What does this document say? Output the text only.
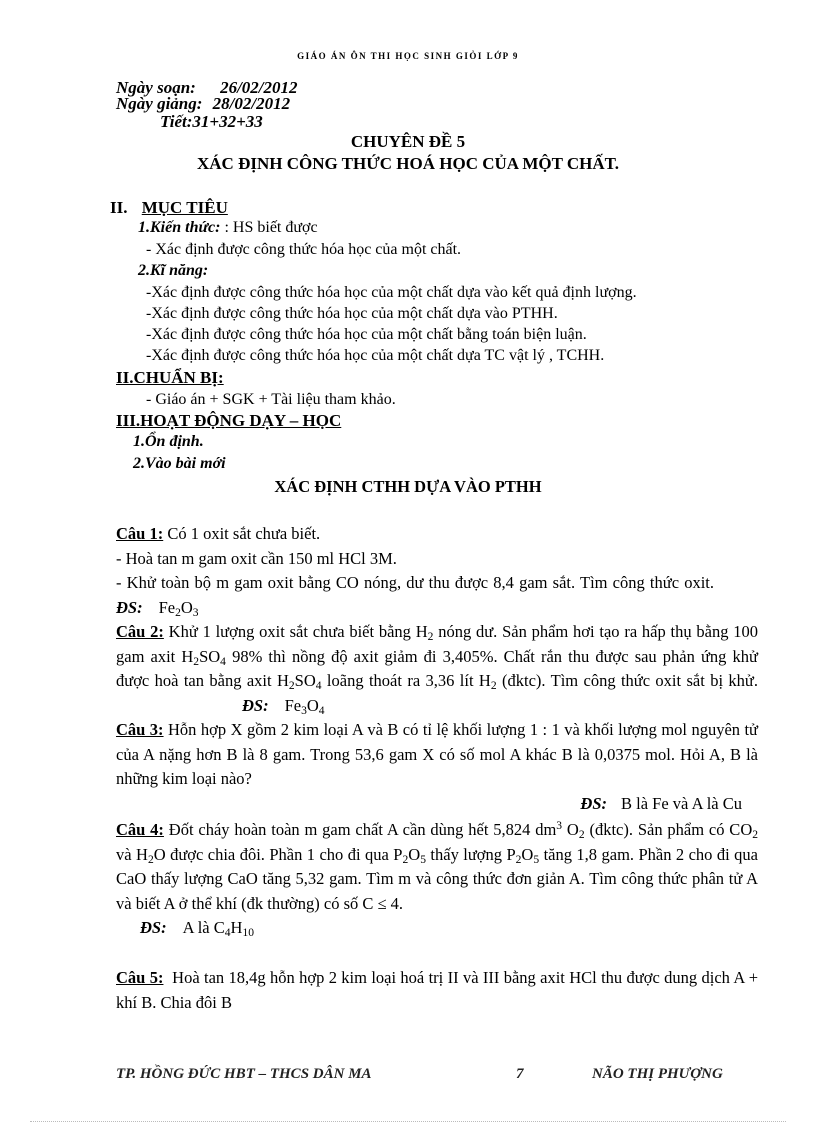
GIÁO ÁN ÔN THI HỌC SINH GIỎI LỚP 9
Ngày soạn: 26/02/2012
Ngày giảng: 28/02/2012
Tiết:31+32+33
CHUYÊN ĐỀ 5
XÁC ĐỊNH CÔNG THỨC HOÁ HỌC CỦA MỘT CHẤT.
II. MỤC TIÊU
1.Kiến thức: : HS biết được
- Xác định được công thức hóa học của một chất.
2.Kĩ năng:
-Xác định được công thức hóa học của một chất dựa vào kết quả định lượng.
-Xác định được công thức hóa học của một chất dựa vào PTHH.
-Xác định được công thức hóa học của một chất bằng toán biện luận.
-Xác định được công thức hóa học của một chất dựa TC vật lý , TCHH.
II.CHUẨN BỊ:
- Giáo án + SGK + Tài liệu tham khảo.
III.HOẠT ĐỘNG DẠY – HỌC
1.Ổn định.
2.Vào bài mới
XÁC ĐỊNH CTHH DỰA VÀO PTHH

Câu 1: Có 1 oxit sắt chưa biết.

- Hoà tan m gam oxit cần 150 ml HCl 3M.

- Khử toàn bộ m gam oxit bằng CO nóng, dư thu được 8,4 gam sắt. Tìm công thức oxit.ĐS: $Fe_2O_3$

Câu 2: Khử 1 lượng oxit sắt chưa biết bằng $H_2$ nóng dư. Sản phẩm hơi tạo ra hấp thụ bằng 100 gam axit $H_2SO_4$ 98% thì nồng độ axit giảm đi 3,405%. Chất rắn thu được sau phản ứng khử được hoà tan bằng axit $H_2SO_4$ loãng thoát ra 3,36 lít $H_2$ (đktc). Tìm công thức oxit sắt bị khử.ĐS: $Fe_3O_4$

Câu 3: Hỗn hợp X gồm 2 kim loại A và B có tỉ lệ khối lượng 1 : 1 và khối lượng mol nguyên tử của A nặng hơn B là 8 gam. Trong 53,6 gam X có số mol A khác B là 0,0375 mol. Hỏi A, B là những kim loại nào?

ĐS: B là Fe và A là Cu

Câu 4: Đốt cháy hoàn toàn m gam chất A cần dùng hết 5,824 $dm^3$ $O_2$ (đktc). Sản phẩm có $CO_2$ và $H_2O$ được chia đôi. Phần 1 cho đi qua $P_2O_5$ thấy lượng $P_2O_5$ tăng 1,8 gam. Phần 2 cho đi qua CaO thấy lượng CaO tăng 5,32 gam. Tìm m và công thức đơn giản A. Tìm công thức phân tử A và biết A ở thể khí (đk thường) có số C ≤ 4.

ĐS: A là $C_4H_{10}$

Câu 5: Hoà tan 18,4g hỗn hợp 2 kim loại hoá trị II và III bằng axit HCl thu được dung dịch A + khí B. Chia đôi B

TP. HỒNG ĐỨC HBT – THCS DÂN MA	7	NÃO THỊ PHƯỢNG
